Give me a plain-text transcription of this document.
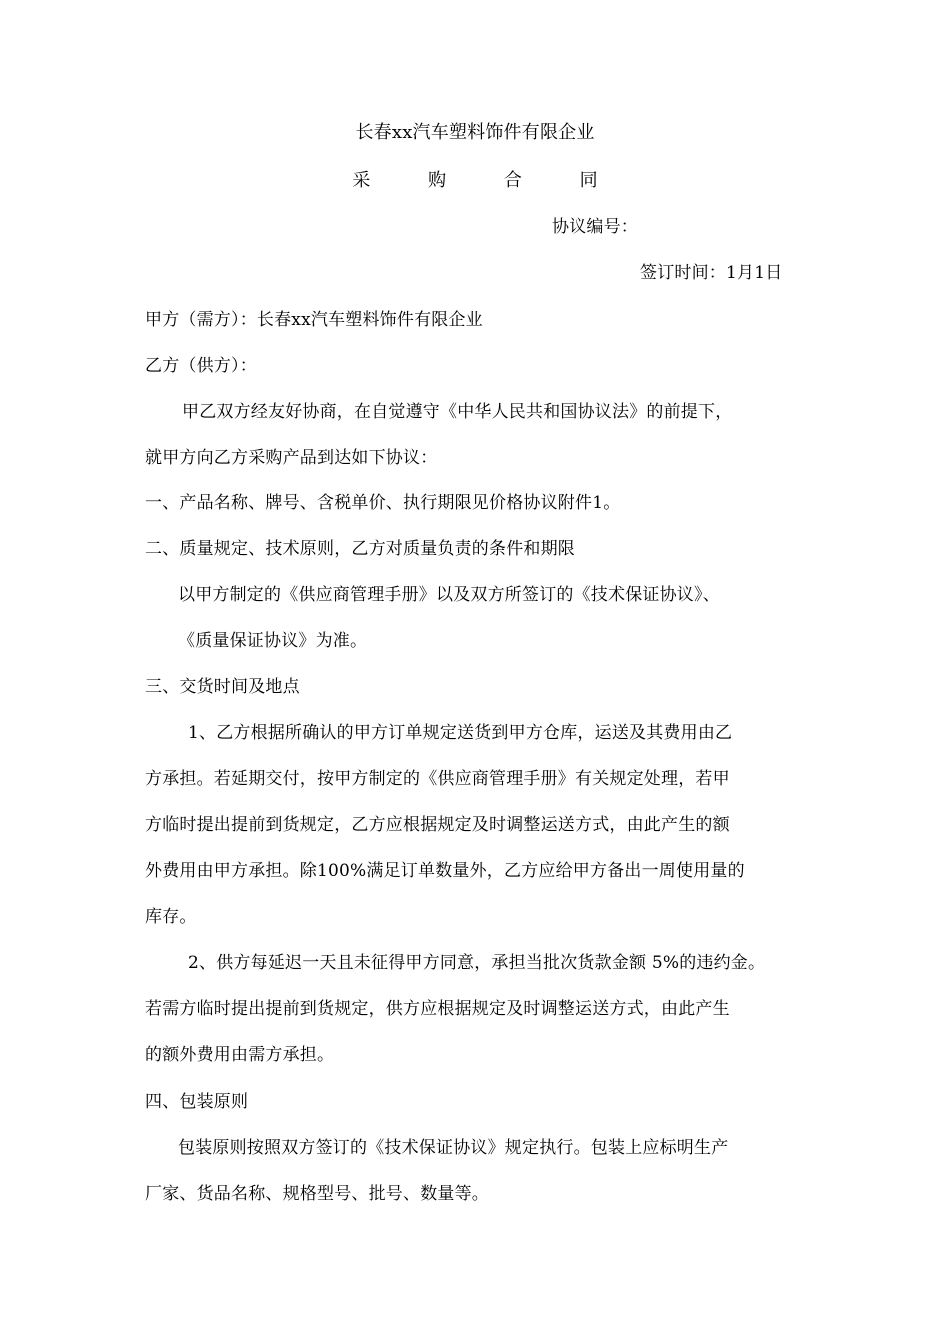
长春xx汽车塑料饰件有限企业
采 购 合 同
协议编号：
签订时间：1月1日
甲方（需方）：长春xx汽车塑料饰件有限企业
乙方（供方）：
甲乙双方经友好协商，在自觉遵守《中华人民共和国协议法》的前提下，
就甲方向乙方采购产品到达如下协议：
一、产品名称、牌号、含税单价、执行期限见价格协议附件1。
二、质量规定、技术原则，乙方对质量负责的条件和期限
以甲方制定的《供应商管理手册》以及双方所签订的《技术保证协议》、
《质量保证协议》为准。
三、交货时间及地点
1、乙方根据所确认的甲方订单规定送货到甲方仓库，运送及其费用由乙
方承担。若延期交付，按甲方制定的《供应商管理手册》有关规定处理，若甲
方临时提出提前到货规定，乙方应根据规定及时调整运送方式，由此产生的额
外费用由甲方承担。除100%满足订单数量外，乙方应给甲方备出一周使用量的
库存。
2、供方每延迟一天且未征得甲方同意，承担当批次货款金额 5%的违约金。
若需方临时提出提前到货规定，供方应根据规定及时调整运送方式，由此产生
的额外费用由需方承担。
四、包装原则
包装原则按照双方签订的《技术保证协议》规定执行。包装上应标明生产
厂家、货品名称、规格型号、批号、数量等。
